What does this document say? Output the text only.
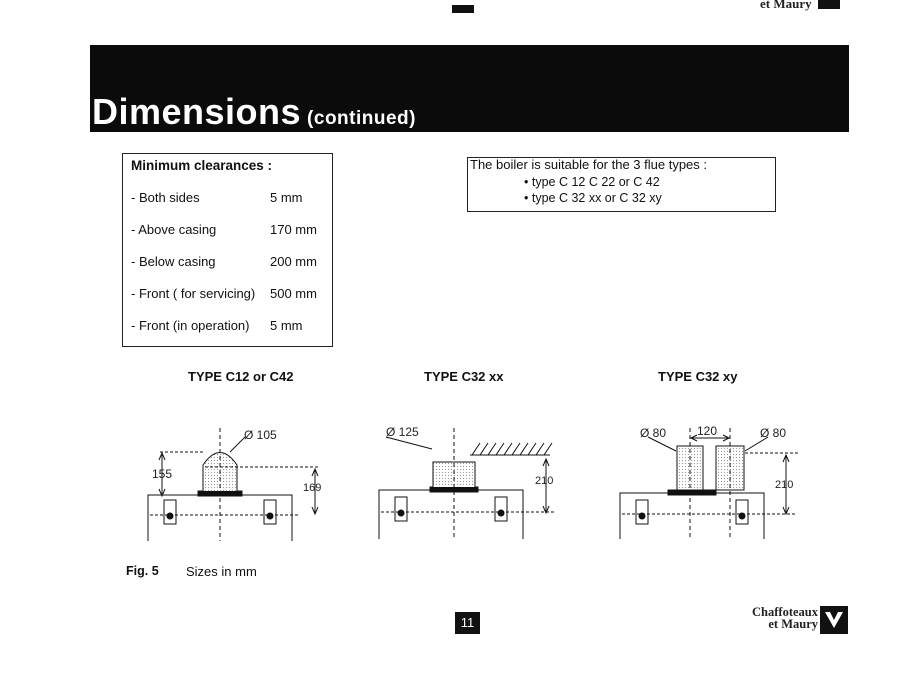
et Maury
Dimensions (continued)
Minimum clearances :
- Both sides	5 mm
- Above casing	170 mm
- Below casing	200 mm
- Front ( for servicing) 500 mm
- Front (in operation) 5 mm
The boiler is suitable for the 3 flue types :
• type C 12 C 22 or C 42
• type C 32 xx or C 32 xy
TYPE C12 or C42	TYPE C32 xx	TYPE C32 xy
Ø 105
155
169
Ø 125
210
Ø 80	120	Ø 80
210
Fig. 5 Sizes in mm
11
Chaffoteaux
et Maury
